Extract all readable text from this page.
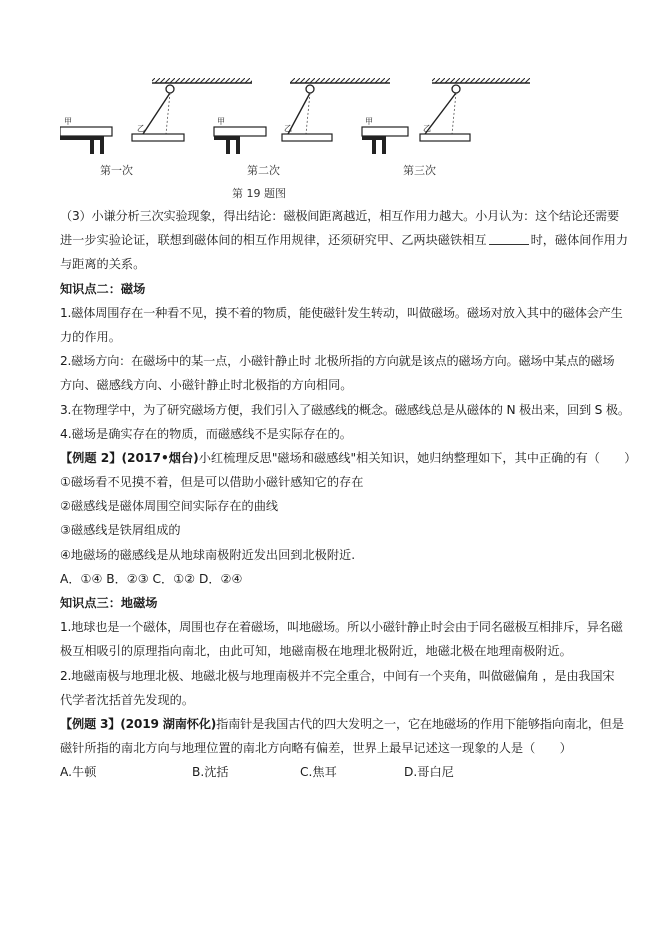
甲
乙
甲
乙
甲
乙
第一次	第二次	第三次
第 19 题图
（3）小谦分析三次实验现象，得出结论：磁极间距离越近，相互作用力越大。小月认为：这个结论还需要
进一步实验论证，联想到磁体间的相互作用规律，还须研究甲、乙两块磁铁相互	时，磁体间作用力
与距离的关系。
知识点二：磁场
1.磁体周围存在一种看不见，摸不着的物质，能使磁针发生转动，叫做磁场。磁场对放入其中的磁体会产生
力的作用。
2.磁场方向：在磁场中的某一点，小磁针静止时 北极所指的方向就是该点的磁场方向。磁场中某点的磁场
方向、磁感线方向、小磁针静止时北极指的方向相同。
3.在物理学中，为了研究磁场方便，我们引入了磁感线的概念。磁感线总是从磁体的 N 极出来，回到 S 极。
4.磁场是确实存在的物质，而磁感线不是实际存在的。
【例题 2】(2017•烟台)小红梳理反思"磁场和磁感线"相关知识，她归纳整理如下，其中正确的有（　　）
①磁场看不见摸不着，但是可以借助小磁针感知它的存在
②磁感线是磁体周围空间实际存在的曲线
③磁感线是铁屑组成的
④地磁场的磁感线是从地球南极附近发出回到北极附近.
A．①④ B．②③ C．①② D．②④
知识点三：地磁场
1.地球也是一个磁体，周围也存在着磁场，叫地磁场。所以小磁针静止时会由于同名磁极互相排斥，异名磁
极互相吸引的原理指向南北，由此可知，地磁南极在地理北极附近，地磁北极在地理南极附近。
2.地磁南极与地理北极、地磁北极与地理南极并不完全重合，中间有一个夹角，叫做磁偏角 ，是由我国宋
代学者沈括首先发现的。
【例题 3】(2019 湖南怀化)指南针是我国古代的四大发明之一，它在地磁场的作用下能够指向南北，但是
磁针所指的南北方向与地理位置的南北方向略有偏差，世界上最早记述这一现象的人是（　　）
A.牛顿	B.沈括	C.焦耳	D.哥白尼
